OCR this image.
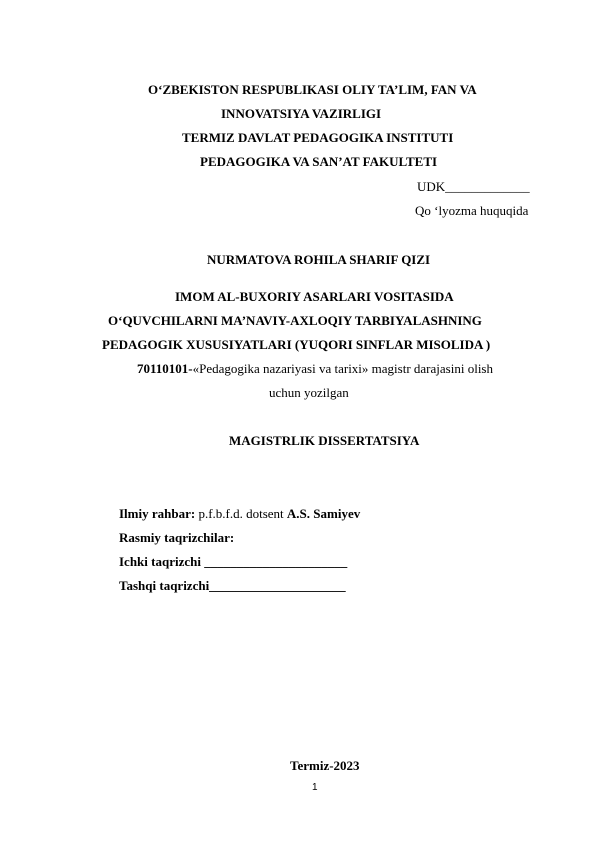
O‘ZBEKISTON RESPUBLIKASI OLIY TA’LIM, FAN VA
INNOVATSIYA VAZIRLIGI
TERMIZ DAVLAT PEDAGOGIKA INSTITUTI
PEDAGOGIKA VA SAN’AT FAKULTETI
UDK_____________
Qo ‘lyozma huquqida
NURMATOVA ROHILA SHARIF QIZI
IMOM AL-BUXORIY ASARLARI VOSITASIDA
O‘QUVCHILARNI MA’NAVIY-AXLOQIY TARBIYALASHNING
PEDAGOGIK XUSUSIYATLARI (YUQORI SINFLAR MISOLIDA )
70110101-«Pedagogika nazariyasi va tarixi» magistr darajasini olish
uchun yozilgan
MAGISTRLIK DISSERTATSIYA
Ilmiy rahbar: p.f.b.f.d. dotsent A.S. Samiyev
Rasmiy taqrizchilar:
Ichki taqrizchi ______________________
Tashqi taqrizchi_____________________
Termiz-2023
1
